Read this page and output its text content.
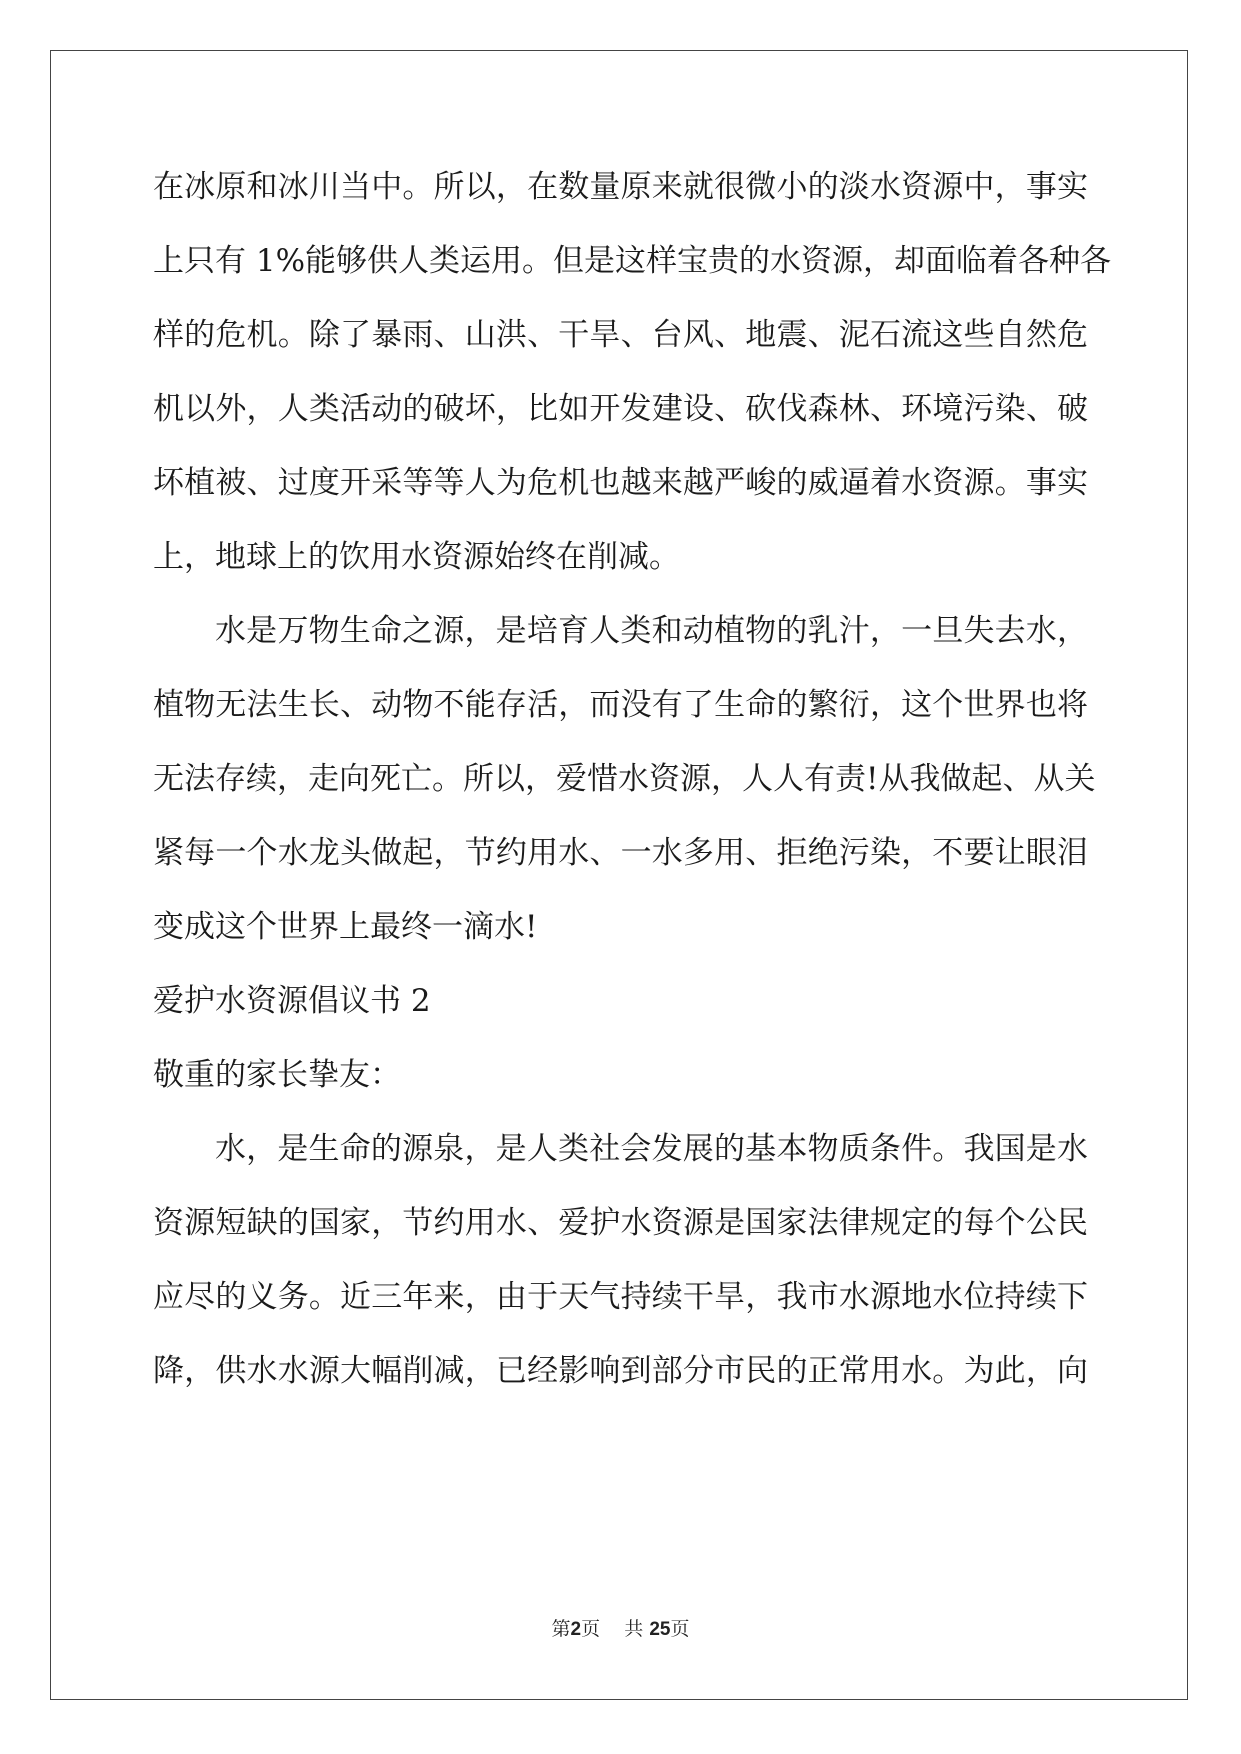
在冰原和冰川当中。所以，在数量原来就很微小的淡水资源中，事实
上只有 1%能够供人类运用。但是这样宝贵的水资源，却面临着各种各
样的危机。除了暴雨、山洪、干旱、台风、地震、泥石流这些自然危
机以外，人类活动的破坏，比如开发建设、砍伐森林、环境污染、破
坏植被、过度开采等等人为危机也越来越严峻的威逼着水资源。事实
上，地球上的饮用水资源始终在削减。
水是万物生命之源，是培育人类和动植物的乳汁，一旦失去水，
植物无法生长、动物不能存活，而没有了生命的繁衍，这个世界也将
无法存续，走向死亡。所以，爱惜水资源，人人有责!从我做起、从关
紧每一个水龙头做起，节约用水、一水多用、拒绝污染，不要让眼泪
变成这个世界上最终一滴水!
爱护水资源倡议书 2
敬重的家长挚友：
水，是生命的源泉，是人类社会发展的基本物质条件。我国是水
资源短缺的国家，节约用水、爱护水资源是国家法律规定的每个公民
应尽的义务。近三年来，由于天气持续干旱，我市水源地水位持续下
降，供水水源大幅削减，已经影响到部分市民的正常用水。为此，向
第2页 共 25页
